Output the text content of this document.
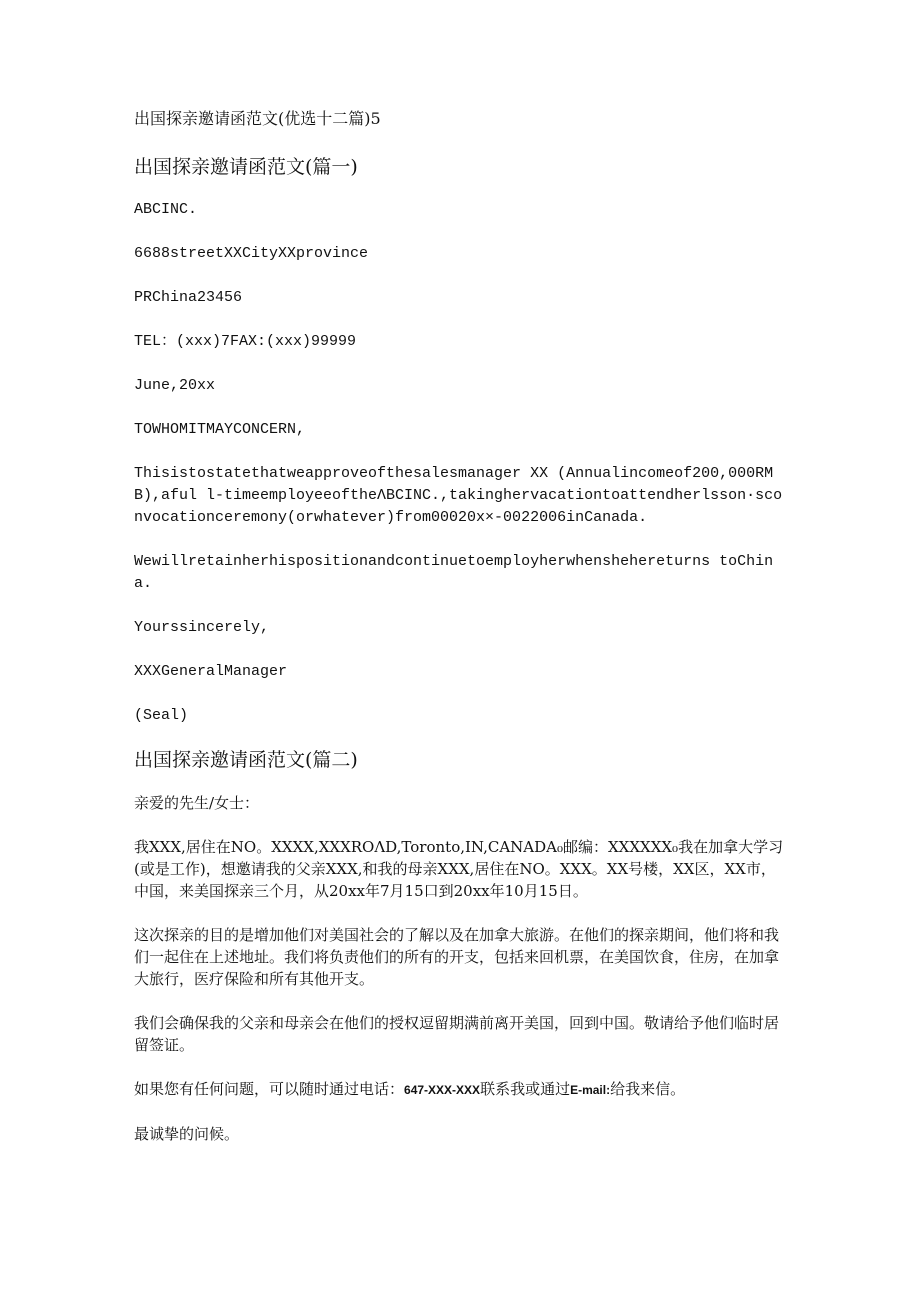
出国探亲邀请函范文(优选十二篇)5

出国探亲邀请函范文(篇一)

ABCINC.

6688streetXXCityXXprovince

PRChina23456

TEL：(xxx)7FAX:(xxx)99999

June,20xx

TOWHOMITMAYCONCERN,

Thisistostatethatweapproveofthesalesmanager XX (Annualincomeof200,000RMB),aful l-timeemployeeoftheΛBCINC.,takinghervacationtoattendherlsson·sconvocationceremony(orwhatever)from00020x×-0022006inCanada.

Wewillretainherhispositionandcontinuetoemployherwhenshehereturns toChina.

Yourssincerely,

XXXGeneralManager

(Seal)

出国探亲邀请函范文(篇二)

亲爱的先生/女士：

我XXX,居住在NO。XXXX,XXXROΛD,Toronto,IN,CANADA₀邮编：XXXXXX₀我在加拿大学习(或是工作)，想邀请我的父亲XXX,和我的母亲XXX,居住在NO。XXX。XX号楼，XX区，XX市，中国，来美国探亲三个月，从20xx年7月15口到20xx年10月15日。

这次探亲的目的是增加他们对美国社会的了解以及在加拿大旅游。在他们的探亲期间，他们将和我们一起住在上述地址。我们将负责他们的所有的开支，包括来回机票，在美国饮食，住房，在加拿大旅行，医疗保险和所有其他开支。

我们会确保我的父亲和母亲会在他们的授权逗留期满前离开美国，回到中国。敬请给予他们临时居留签证。

如果您有任何问题，可以随时通过电话：647-XXX-XXX联系我或通过E-mail:给我来信。

最诚挚的问候。
